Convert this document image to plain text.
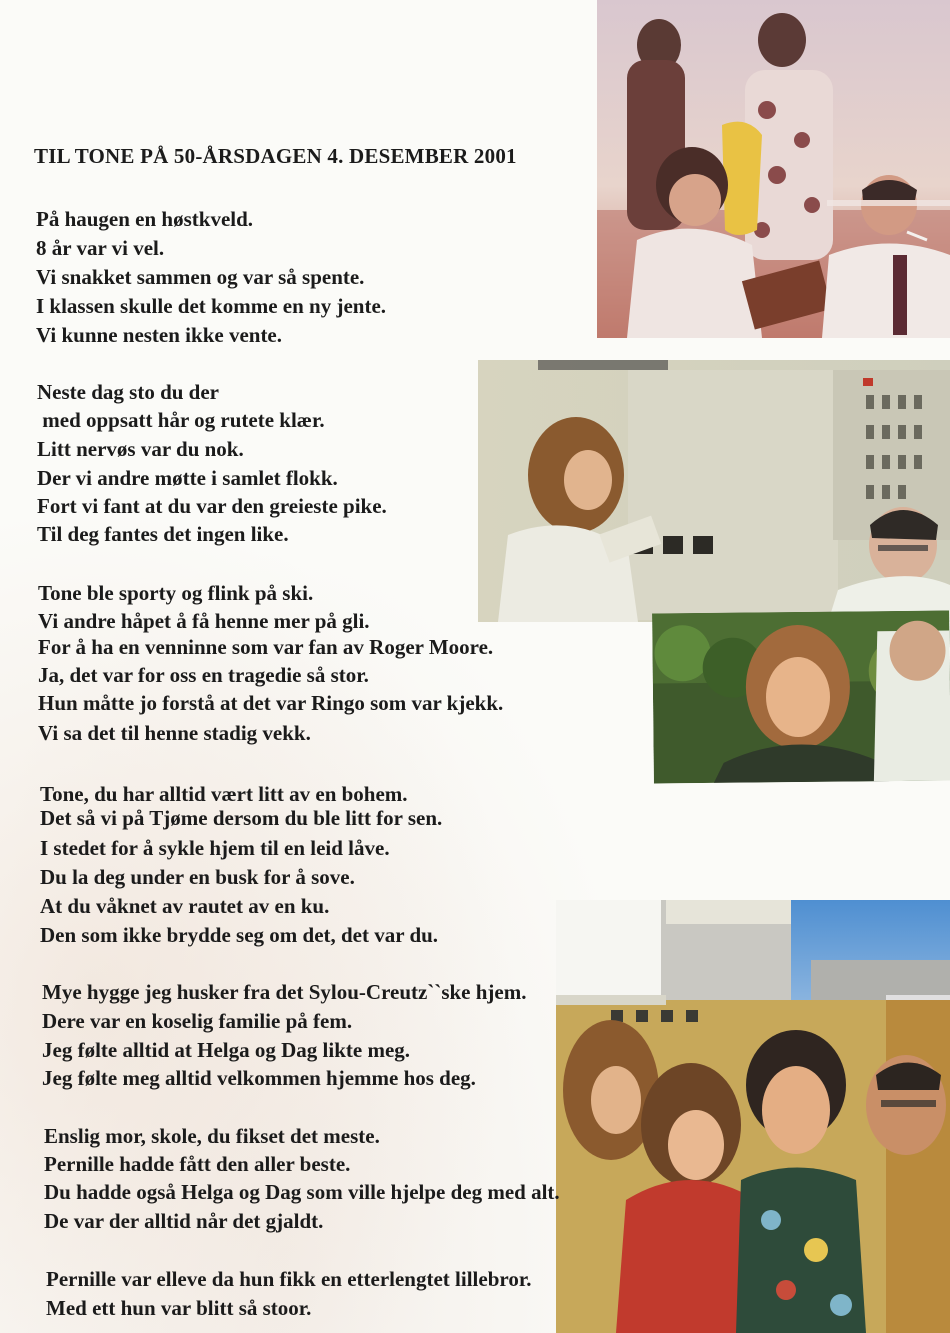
TIL TONE PÅ 50-ÅRSDAGEN 4. DESEMBER 2001
På haugen en høstkveld.
8 år var vi vel.
Vi snakket sammen og var så spente.
I klassen skulle det komme en ny jente.
Vi kunne nesten ikke vente.
Neste dag sto du der
med oppsatt hår og rutete klær.
Litt nervøs var du nok.
Der vi andre møtte i samlet flokk.
Fort vi fant at du var den greieste pike.
Til deg fantes det ingen like.
Tone ble sporty og flink på ski.
Vi andre håpet å få henne mer på gli.
For å ha en venninne som var fan av Roger Moore.
Ja, det var for oss en tragedie så stor.
Hun måtte jo forstå at det var Ringo som var kjekk.
Vi sa det til henne stadig vekk.
Tone, du har alltid vært litt av en bohem.
Det så vi på Tjøme dersom du ble litt for sen.
I stedet for å sykle hjem til en leid låve.
Du la deg under en busk for å sove.
At du våknet av rautet av en ku.
Den som ikke brydde seg om det, det var du.
Mye hygge jeg husker fra det Sylou-Creutz``ske hjem.
Dere var en koselig familie på fem.
Jeg følte alltid at Helga og Dag likte meg.
Jeg følte meg alltid velkommen hjemme hos deg.
Enslig mor, skole, du fikset det meste.
Pernille hadde fått den aller beste.
Du hadde også Helga og Dag som ville hjelpe deg med alt.
De var der alltid når det gjaldt.
Pernille var elleve da hun fikk en etterlengtet lillebror.
Med ett hun var blitt så stoor.
